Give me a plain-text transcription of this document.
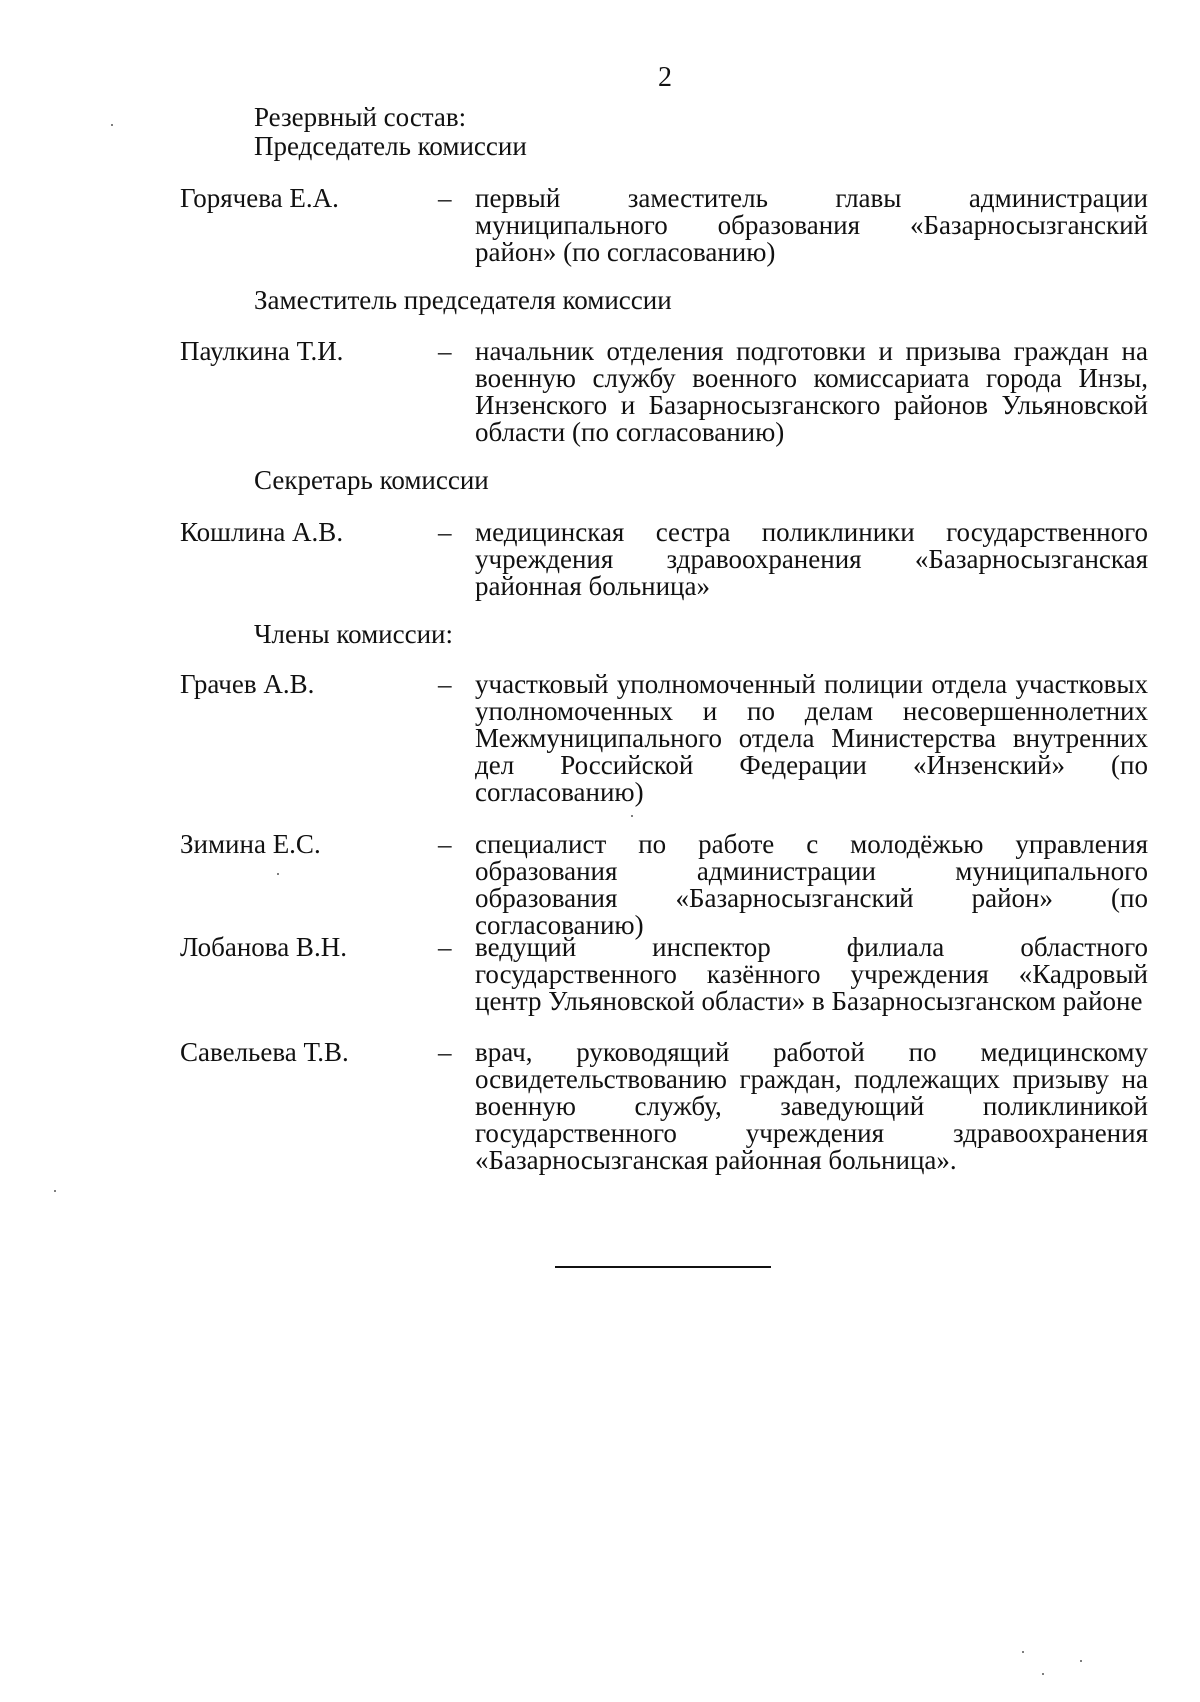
2
Резервный состав:
Председатель комиссии
Горячева Е.А.	– первый заместитель главы администрации муниципального образования «Базарносызганский район» (по согласованию)
Заместитель председателя комиссии
Паулкина Т.И.	– начальник отделения подготовки и призыва граждан на военную службу военного комиссариата города Инзы, Инзенского и Базарносызганского районов Ульяновской области (по согласованию)
Секретарь комиссии
Кошлина А.В.	– медицинская сестра поликлиники государственного учреждения здравоохранения «Базарносызганская районная больница»
Члены комиссии:
Грачев А.В.	– участковый уполномоченный полиции отдела участковых уполномоченных и по делам несовершеннолетних Межмуниципального отдела Министерства внутренних дел Российской Федерации «Инзенский» (по согласованию)
Зимина Е.С.	– специалист по работе с молодёжью управления образования администрации муниципального образования «Базарносызганский район» (по согласованию)
Лобанова В.Н.	– ведущий инспектор филиала областного государственного казённого учреждения «Кадровый центр Ульяновской области» в Базарносызганском районе
Савельева Т.В.	– врач, руководящий работой по медицинскому освидетельствованию граждан, подлежащих призыву на военную службу, заведующий поликлиникой государственного учреждения здравоохранения «Базарносызганская районная больница».
